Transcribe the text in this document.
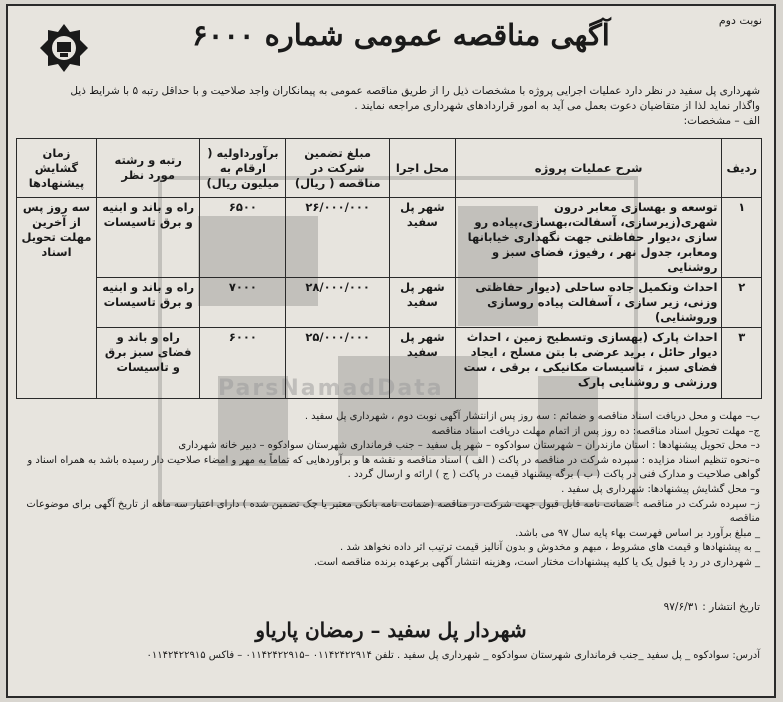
ParsNamadData
نوبت دوم
آگهی مناقصه عمومی شماره ۶۰۰۰

شهرداری پل سفید در نظر دارد عملیات اجرایی پروژه با مشخصات ذیل را از طریق مناقصه عمومی به پیمانکاران واجد صلاحیت و با حداقل رتبه ۵ با شرایط ذیل

واگذار نماید لذا از متقاضیان دعوت بعمل می آید به امور قراردادهای شهرداری مراجعه نمایند .

الف – مشخصات:

ردیف	شرح عملیات پروژه	محل اجرا	مبلغ تضمین شرکت در مناقصه ( ریال)	برآورداولیه ( ارقام به میلیون ریال)	رتبه و رشته مورد نظر	زمان گشایش پیشنهادها
۱	توسعه و بهسازی معابر درون شهری(زیرسازی، آسفالت،بهسازی،پیاده رو سازی ،دیوار حفاظتی جهت نگهداری خیابانها ومعابر، جدول نهر ، رفیوژ، فضای سبز و روشنایی	شهر پل سفید	۲۶/۰۰۰/۰۰۰	۶۵۰۰	راه و باند و ابنیه و برق تاسیسات	سه روز پس از آخرین مهلت تحویل اسناد
۲	احداث وتکمیل جاده ساحلی (دیوار حفاظتی وزنی، زیر سازی ، آسفالت پیاده روسازی وروشنایی)	شهر پل سفید	۲۸/۰۰۰/۰۰۰	۷۰۰۰	راه و باند و ابنیه و برق تاسیسات	
۳	احداث پارک (بهسازی وتسطیح زمین ، احداث دیوار حائل ، برید عرضی با بتن مسلح ، ایجاد فضای سبز ، تاسیسات مکانیکی ، برقی ، ست ورزشی و روشنایی پارک	شهر پل سفید	۲۵/۰۰۰/۰۰۰	۶۰۰۰	راه و باند و فضای سبز برق و تاسیسات	

ب– مهلت و محل دریافت اسناد مناقصه و ضمائم : سه روز پس ازانتشار آگهی نوبت دوم ، شهرداری پل سفید .

ج– مهلت تحویل اسناد مناقصه: ده روز پس از اتمام مهلت دریافت اسناد مناقصه

د– محل تحویل پیشنهادها : استان مازندران – شهرستان سوادکوه – شهر پل سفید – جنب فرمانداری شهرستان سوادکوه – دبیر خانه شهرداری

ه–نحوه تنظیم اسناد مزایده : سپرده شرکت در مناقصه در پاکت ( الف ) اسناد مناقصه و نقشه ها و برآوردهایی که تماماً به مهر و امضاء صلاحیت دار رسیده باشد به همراه اسناد و گواهی صلاحیت و مدارک فنی در پاکت ( ب ) برگه پیشنهاد قیمت در پاکت ( ج ) ارائه و ارسال گردد .

و– محل گشایش پیشنهادها: شهرداری پل سفید .

ز– سپرده شرکت در مناقصه : ضمانت نامه قابل قبول جهت شرکت در مناقصه (ضمانت نامه بانکی معتبر یا چک تضمین شده ) دارای اعتبار سه ماهه از تاریخ آگهی برای موضوعات مناقصه

_ مبلغ برآورد بر اساس فهرست بهاء پایه سال ۹۷ می باشد.

_ به پیشنهادها و قیمت های مشروط ، مبهم و مخدوش و بدون آنالیز قیمت ترتیب اثر داده نخواهد شد .

_ شهرداری در رد یا قبول یک یا کلیه پیشنهادات مختار است، وهزینه انتشار آگهی برعهده برنده مناقصه است.

تاریخ انتشار : ۹۷/۶/۳۱
شهردار پل سفید – رمضان پاریاو
آدرس: سوادکوه _ پل سفید _جنب فرمانداری شهرستان سوادکوه _ شهرداری پل سفید . تلفن ۰۱۱۴۲۴۲۲۹۱۴ –۰۱۱۴۲۴۲۲۹۱۵ – فاکس ۰۱۱۴۲۴۲۲۹۱۵
